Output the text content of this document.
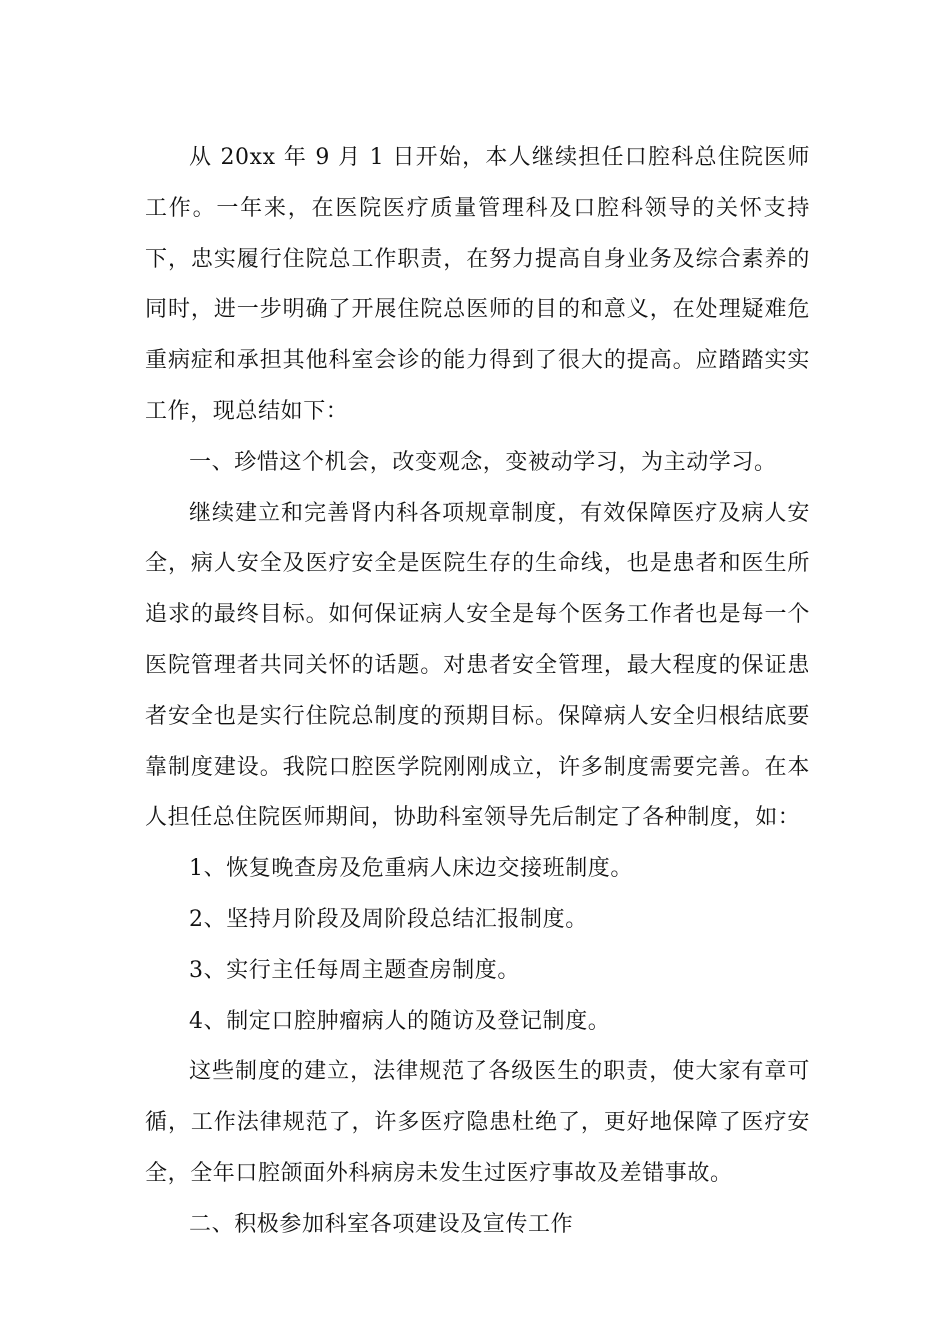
从 20xx 年 9 月 1 日开始，本人继续担任口腔科总住院医师工作。一年来，在医院医疗质量管理科及口腔科领导的关怀支持下，忠实履行住院总工作职责，在努力提高自身业务及综合素养的同时，进一步明确了开展住院总医师的目的和意义，在处理疑难危重病症和承担其他科室会诊的能力得到了很大的提高。应踏踏实实工作，现总结如下：

一、珍惜这个机会，改变观念，变被动学习，为主动学习。

继续建立和完善肾内科各项规章制度，有效保障医疗及病人安全，病人安全及医疗安全是医院生存的生命线，也是患者和医生所追求的最终目标。如何保证病人安全是每个医务工作者也是每一个医院管理者共同关怀的话题。对患者安全管理，最大程度的保证患者安全也是实行住院总制度的预期目标。保障病人安全归根结底要靠制度建设。我院口腔医学院刚刚成立，许多制度需要完善。在本人担任总住院医师期间，协助科室领导先后制定了各种制度，如：

1、恢复晚查房及危重病人床边交接班制度。

2、坚持月阶段及周阶段总结汇报制度。

3、实行主任每周主题查房制度。

4、制定口腔肿瘤病人的随访及登记制度。

这些制度的建立，法律规范了各级医生的职责，使大家有章可循，工作法律规范了，许多医疗隐患杜绝了，更好地保障了医疗安全，全年口腔颌面外科病房未发生过医疗事故及差错事故。

二、积极参加科室各项建设及宣传工作
